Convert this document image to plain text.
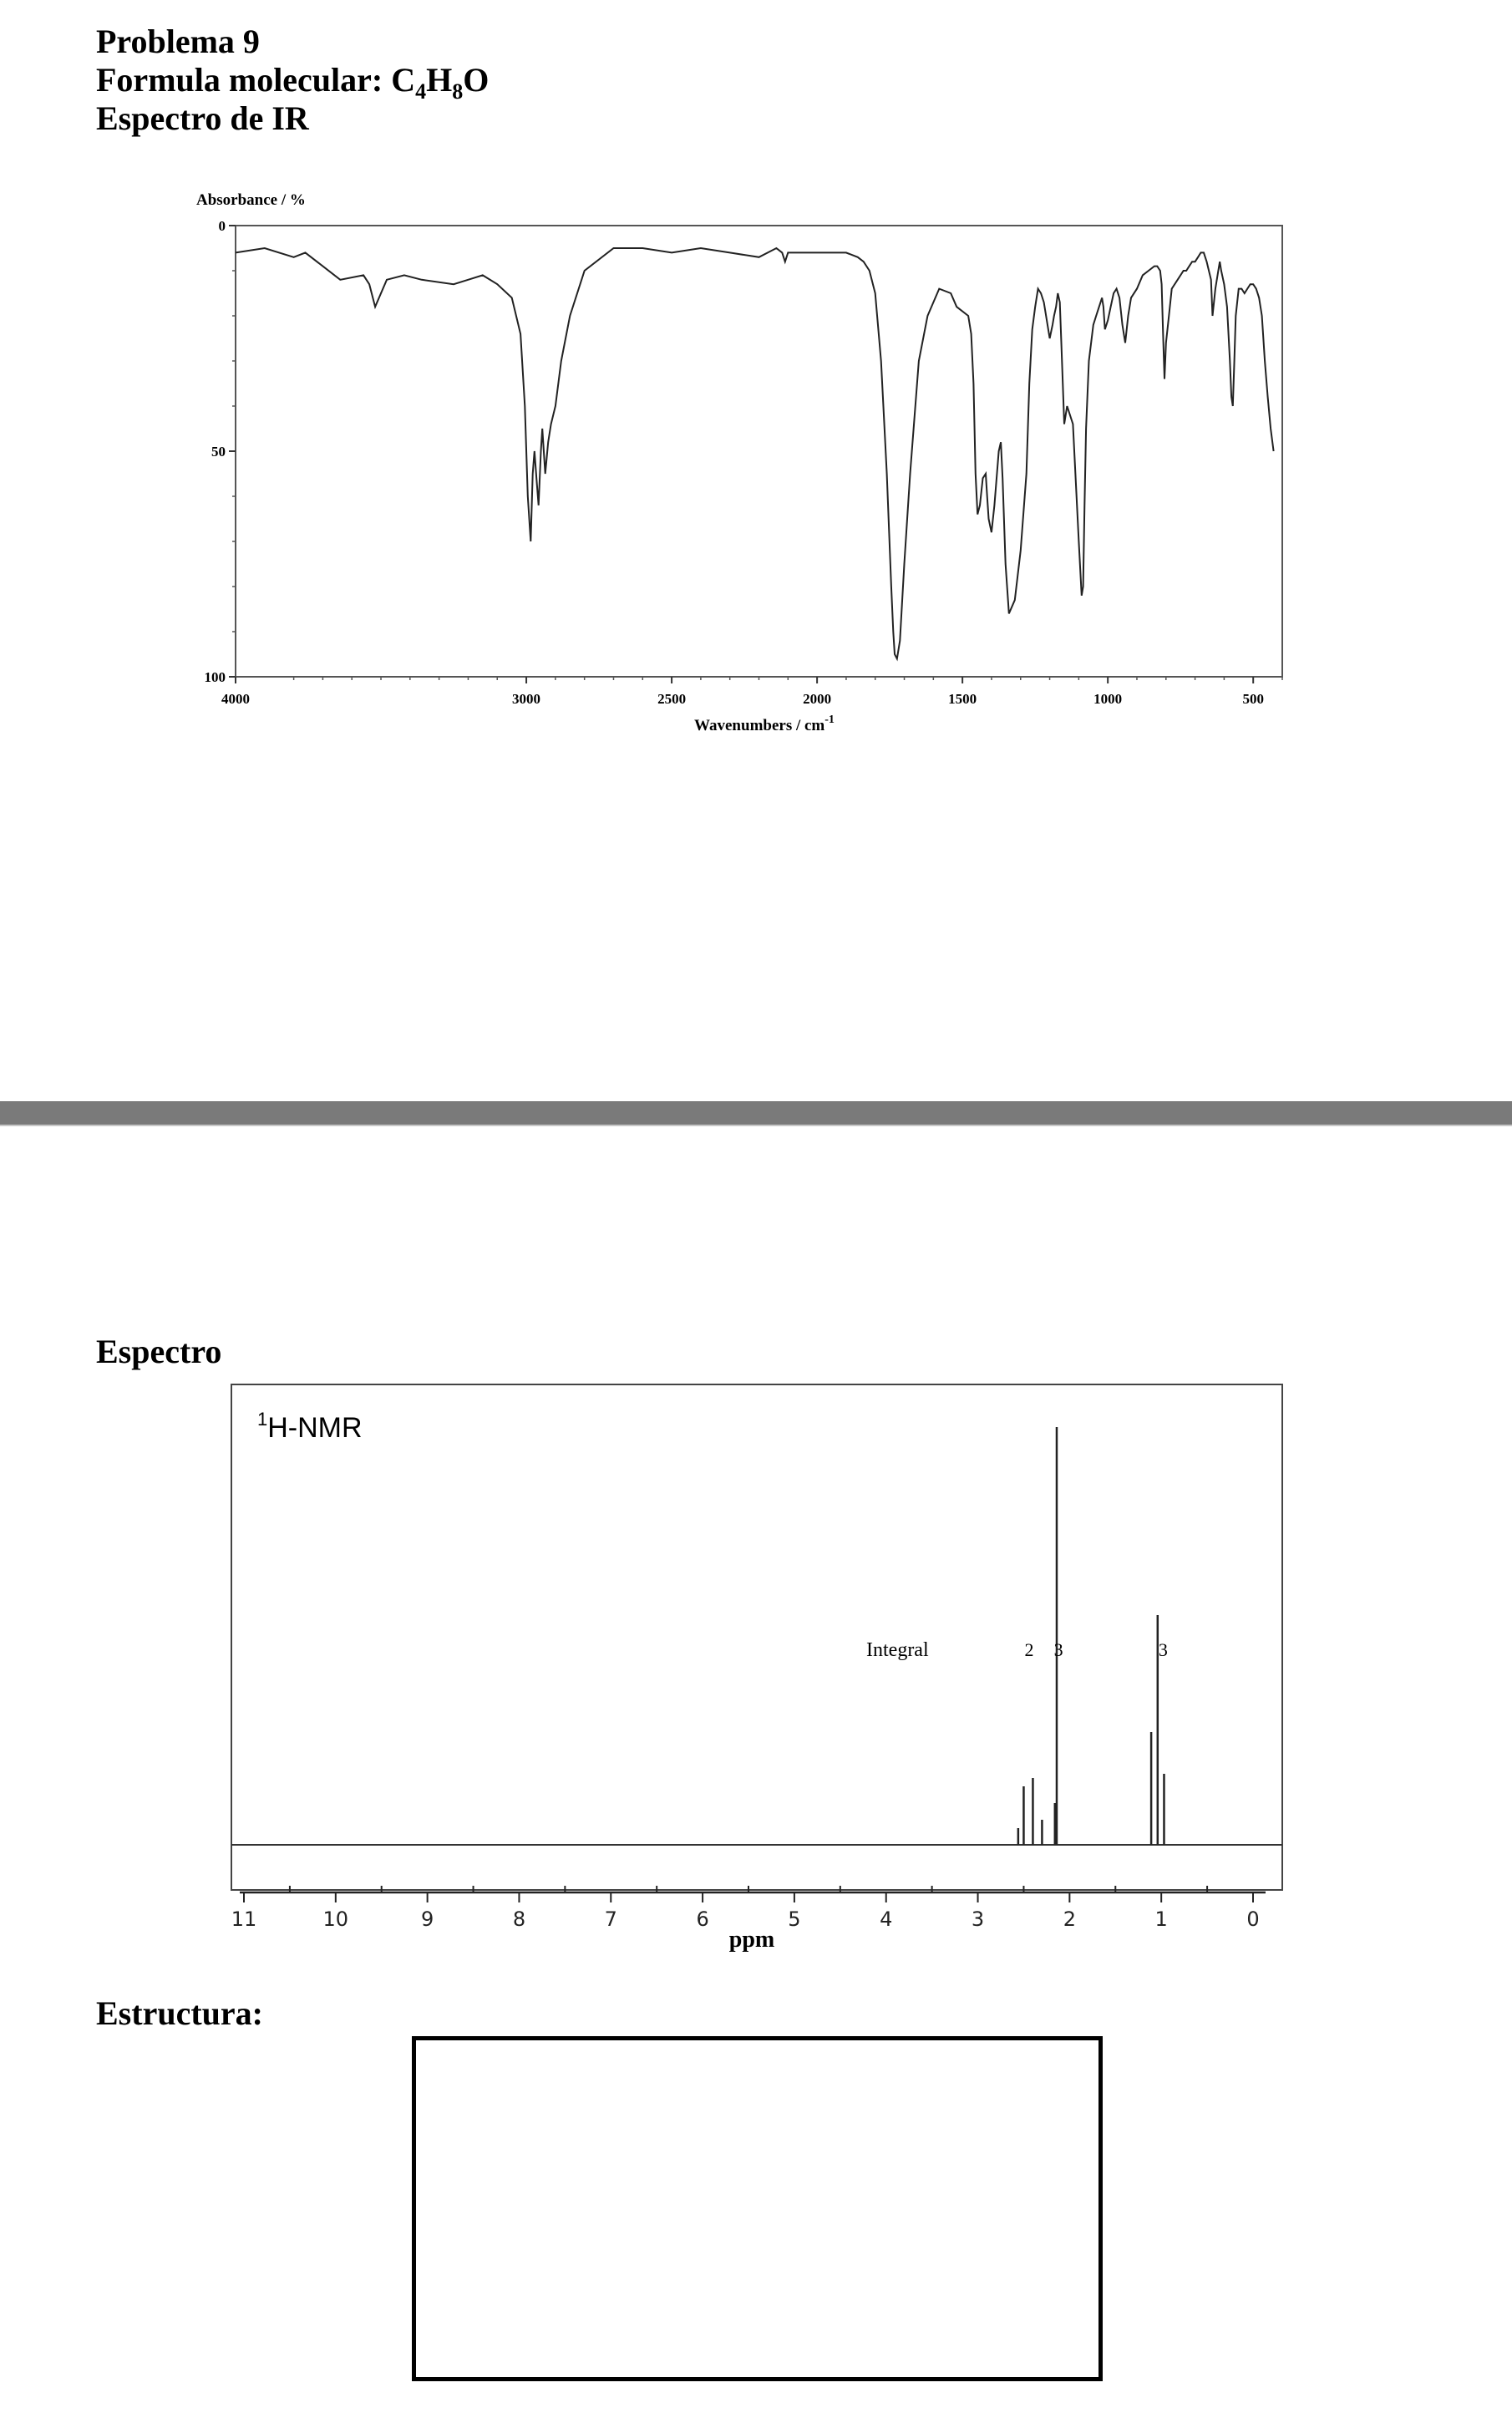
Problema 9
Formula molecular: $C_4H_8O$
Espectro de IR
Absorbance / %
4000	3000	2500	2000	1500	1000	500
0
50
100
Wavenumbers / $cm^{-1}$
Espectro
$^1$H-NMR
Integral	2 3	3
11	10	9	8	7	6	5	4	3	2	1	0
ppm
Estructura:
